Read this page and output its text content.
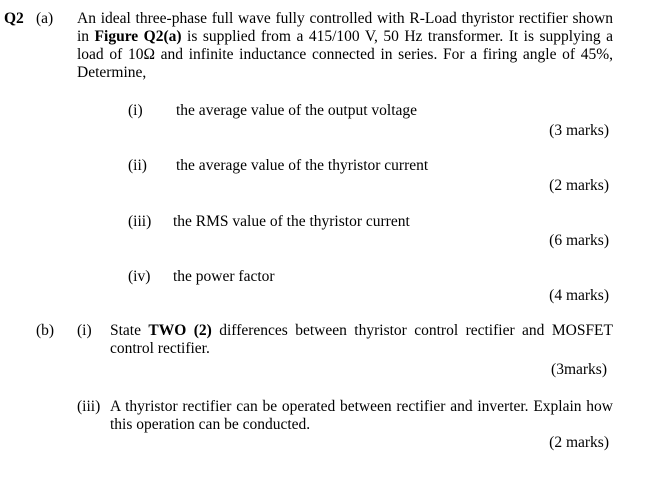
Q2 (a) An ideal three-phase full wave fully controlled with R-Load thyristor rectifier shown in Figure Q2(a) is supplied from a 415/100 V, 50 Hz transformer. It is supplying a load of 10Ω and infinite inductance connected in series. For a firing angle of 45%, Determine,
(i) the average value of the output voltage
(3 marks)
(ii) the average value of the thyristor current
(2 marks)
(iii) the RMS value of the thyristor current
(6 marks)
(iv) the power factor
(4 marks)
(b) (i) State TWO (2) differences between thyristor control rectifier and MOSFET control rectifier.
(3marks)
(iii) A thyristor rectifier can be operated between rectifier and inverter. Explain how this operation can be conducted.
(2 marks)
